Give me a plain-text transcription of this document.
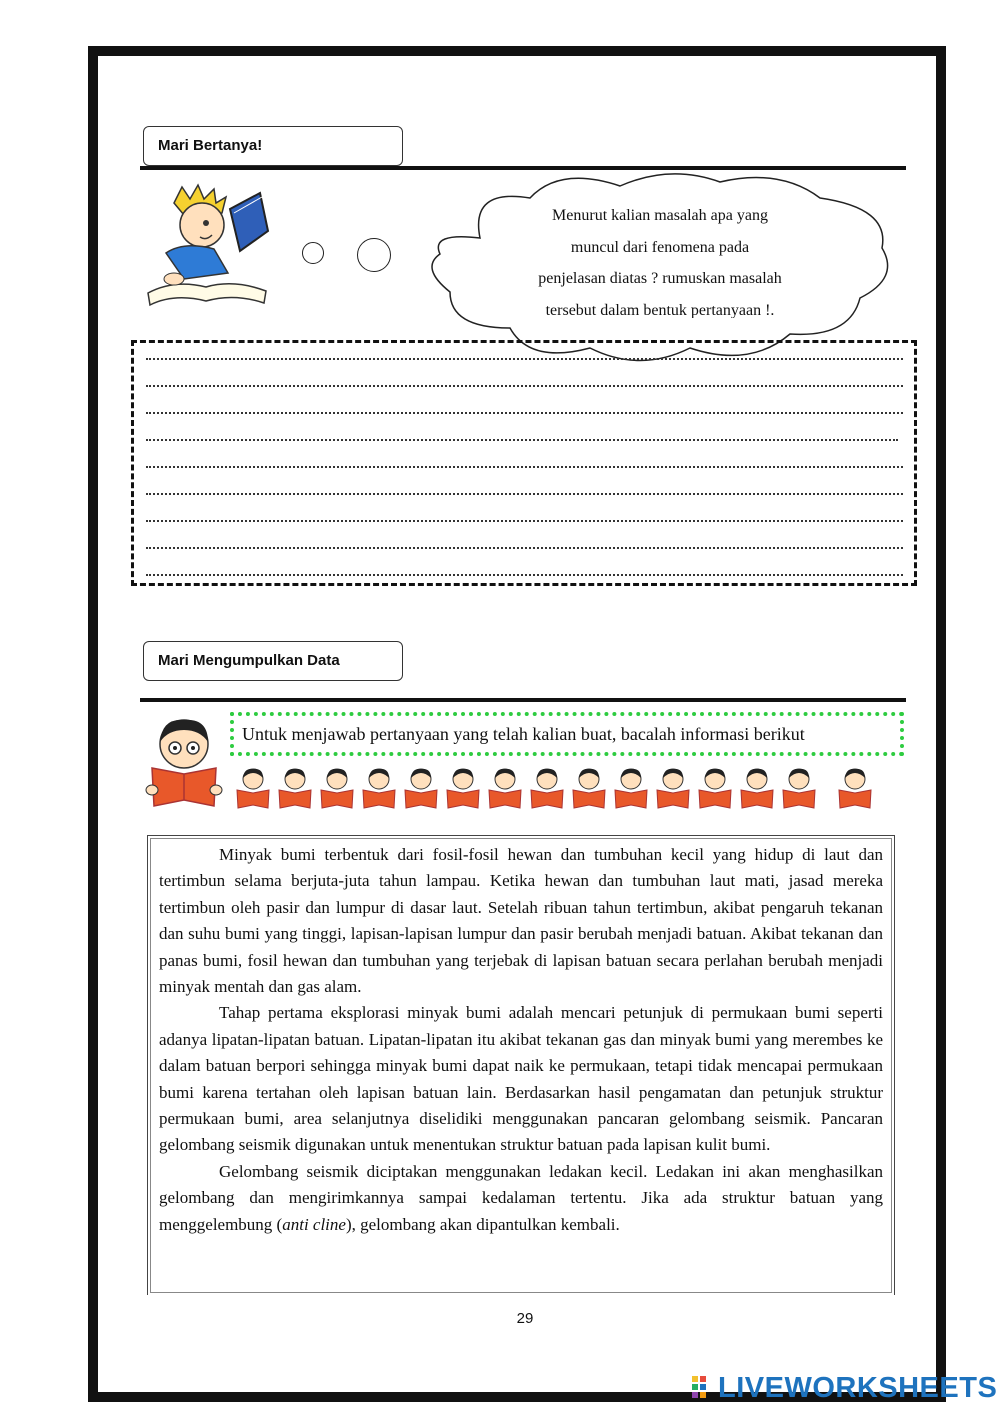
Mari Bertanya!
Menurut kalian masalah apa yang
muncul dari fenomena pada
penjelasan diatas ? rumuskan masalah
tersebut dalam bentuk pertanyaan !.
Mari Mengumpulkan Data
Untuk menjawab pertanyaan yang telah kalian buat, bacalah informasi berikut

Minyak bumi terbentuk dari fosil-fosil hewan dan tumbuhan kecil yang hidup di laut dan tertimbun selama berjuta-juta tahun lampau. Ketika hewan dan tumbuhan laut mati, jasad mereka tertimbun oleh pasir dan lumpur di dasar laut. Setelah ribuan tahun tertimbun, akibat pengaruh tekanan dan suhu bumi yang tinggi, lapisan-lapisan lumpur dan pasir berubah menjadi batuan. Akibat tekanan dan panas bumi, fosil hewan dan tumbuhan yang terjebak di lapisan batuan secara perlahan berubah menjadi minyak mentah dan gas alam.

Tahap pertama eksplorasi minyak bumi adalah mencari petunjuk di permukaan bumi seperti adanya lipatan-lipatan batuan. Lipatan-lipatan itu akibat tekanan gas dan minyak bumi yang merembes ke dalam batuan berpori sehingga minyak bumi dapat naik ke permukaan, tetapi tidak mencapai permukaan bumi karena tertahan oleh lapisan batuan lain. Berdasarkan hasil pengamatan dan petunjuk struktur permukaan bumi, area selanjutnya diselidiki menggunakan pancaran gelombang seismik. Pancaran gelombang seismik digunakan untuk menentukan struktur batuan pada lapisan kulit bumi.

Gelombang seismik diciptakan menggunakan ledakan kecil. Ledakan ini akan menghasilkan gelombang dan mengirimkannya sampai kedalaman tertentu. Jika ada struktur batuan yang menggelembung (anti cline), gelombang akan dipantulkan kembali.

29
LIVEWORKSHEETS
